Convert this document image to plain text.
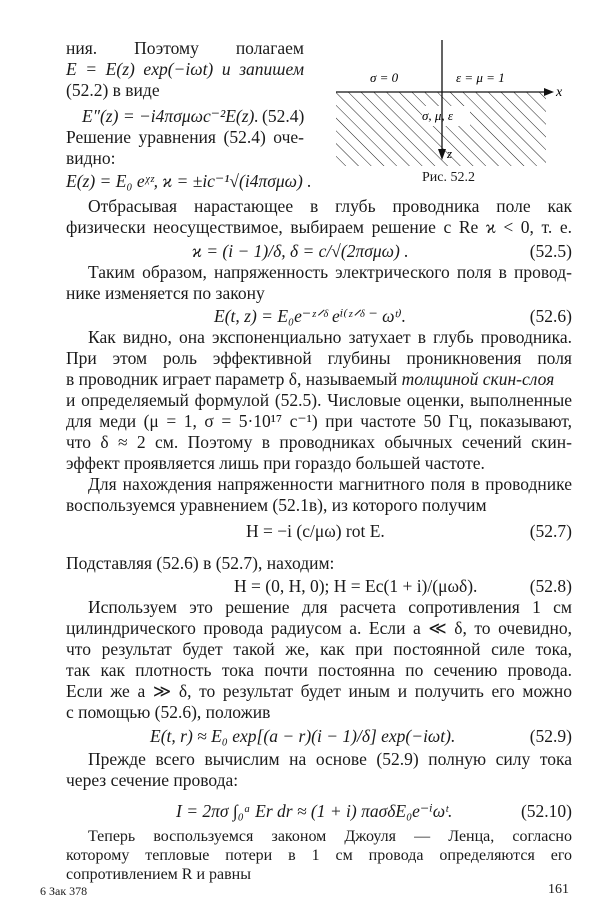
ния. Поэтому полагаем
E = E(z) exp(−iωt) и запишем
(52.2) в виде
E″(z) = −i4πσμωc⁻²E(z). (52.4)
Решение уравнения (52.4) оче-
видно:
E(z) = E₀ eᵡᶻ, ϰ = ±ic⁻¹√(i4πσμω) .
σ = 0	ε = μ = 1
σ, μ, ε
x
z
Рис. 52.2
Отбрасывая нарастающее в глубь проводника поле как
физически неосуществимое, выбираем решение с Re ϰ < 0, т. е.
ϰ = (i − 1)/δ, δ = c/√(2πσμω) .	(52.5)
Таким образом, напряженность электрического поля в провод-
нике изменяется по закону
E(t, z) = E₀e⁻ᶻᐟᵟ eⁱ⁽ᶻᐟᵟ ⁻ ωᵗ⁾.	(52.6)
Как видно, она экспоненциально затухает в глубь проводника.
При этом роль эффективной глубины проникновения поля
в проводник играет параметр δ, называемый толщиной скин-слоя
и определяемый формулой (52.5). Числовые оценки, выполненные
для меди (μ = 1, σ = 5·10¹⁷ с⁻¹) при частоте 50 Гц, показывают,
что δ ≈ 2 см. Поэтому в проводниках обычных сечений скин-
эффект проявляется лишь при гораздо большей частоте.
Для нахождения напряженности магнитного поля в проводнике
воспользуемся уравнением (52.1в), из которого получим
H = −i (c/μω) rot E.	(52.7)
Подставляя (52.6) в (52.7), находим:
H = (0, H, 0); H = Ec(1 + i)/(μωδ).	(52.8)
Используем это решение для расчета сопротивления 1 см
цилиндрического провода радиусом a. Если a ≪ δ, то очевидно,
что результат будет такой же, как при постоянной силе тока,
так как плотность тока почти постоянна по сечению провода.
Если же a ≫ δ, то результат будет иным и получить его можно
с помощью (52.6), положив
E(t, r) ≈ E₀ exp[(a − r)(i − 1)/δ] exp(−iωt).	(52.9)
Прежде всего вычислим на основе (52.9) полную силу тока
через сечение провода:
I = 2πσ ∫₀ᵃ Er dr ≈ (1 + i) πaσδE₀e⁻ⁱωᵗ.	(52.10)
Теперь воспользуемся законом Джоуля — Ленца, согласно
которому тепловые потери в 1 см провода определяются его
сопротивлением R и равны
6 Зак 378	161
